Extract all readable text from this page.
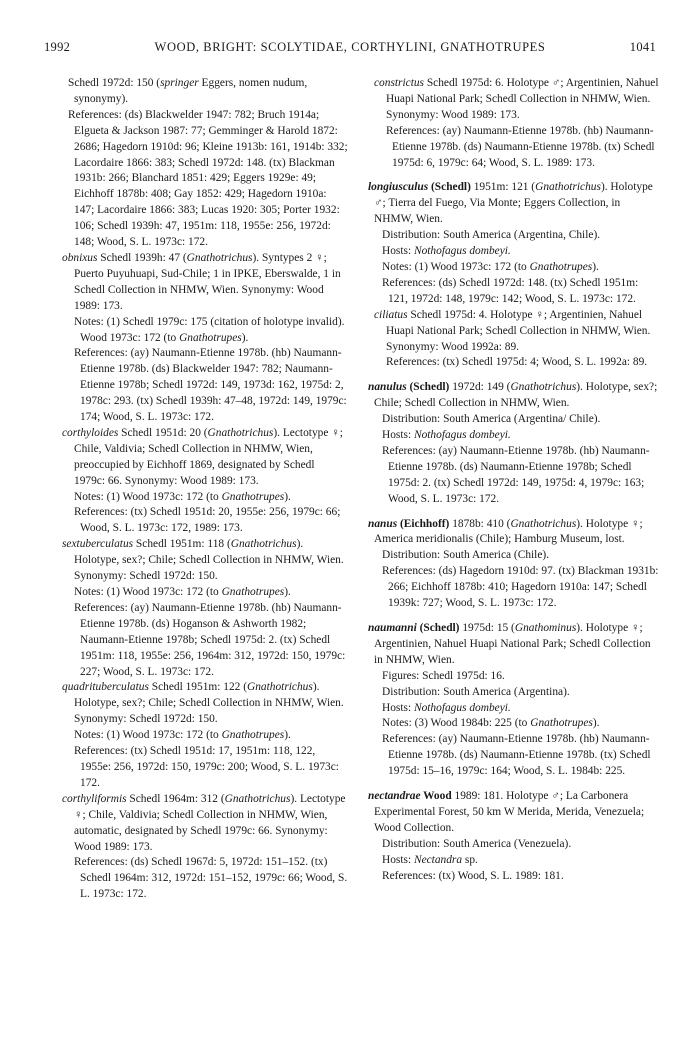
1992	WOOD, BRIGHT: SCOLYTIDAE, CORTHYLINI, GNATHOTRUPES	1041

Schedl 1972d: 150 (springer Eggers, nomen nudum, synonymy).

References: (ds) Blackwelder 1947: 782; Bruch 1914a; Elgueta & Jackson 1987: 77; Gemminger & Harold 1872: 2686; Hagedorn 1910d: 96; Kleine 1913b: 161, 1914b: 332; Lacordaire 1866: 383; Schedl 1972d: 148. (tx) Blackman 1931b: 266; Blanchard 1851: 429; Eggers 1929e: 49; Eichhoff 1878b: 408; Gay 1852: 429; Hagedorn 1910a: 147; Lacordaire 1866: 383; Lucas 1920: 305; Porter 1932: 106; Schedl 1939h: 47, 1951m: 118, 1955e: 256, 1972d: 148; Wood, S. L. 1973c: 172.

obnixus Schedl 1939h: 47 (Gnathotrichus). Syntypes 2 ♀; Puerto Puyuhuapi, Sud-Chile; 1 in IPKE, Eberswalde, 1 in Schedl Collection in NHMW, Wien. Synonymy: Wood 1989: 173.

Notes: (1) Schedl 1979c: 175 (citation of holotype invalid). Wood 1973c: 172 (to Gnathotrupes).

References: (ay) Naumann-Etienne 1978b. (hb) Naumann-Etienne 1978b. (ds) Blackwelder 1947: 782; Naumann-Etienne 1978b; Schedl 1972d: 149, 1973d: 162, 1975d: 2, 1978c: 293. (tx) Schedl 1939h: 47–48, 1972d: 149, 1979c: 174; Wood, S. L. 1973c: 172.

corthyloides Schedl 1951d: 20 (Gnathotrichus). Lectotype ♀; Chile, Valdivia; Schedl Collection in NHMW, Wien, preoccupied by Eichhoff 1869, designated by Schedl 1979c: 66. Synonymy: Wood 1989: 173.

Notes: (1) Wood 1973c: 172 (to Gnathotrupes).

References: (tx) Schedl 1951d: 20, 1955e: 256, 1979c: 66; Wood, S. L. 1973c: 172, 1989: 173.

sextuberculatus Schedl 1951m: 118 (Gnathotrichus). Holotype, sex?; Chile; Schedl Collection in NHMW, Wien. Synonymy: Schedl 1972d: 150.

Notes: (1) Wood 1973c: 172 (to Gnathotrupes).

References: (ay) Naumann-Etienne 1978b. (hb) Naumann-Etienne 1978b. (ds) Hoganson & Ashworth 1982; Naumann-Etienne 1978b; Schedl 1975d: 2. (tx) Schedl 1951m: 118, 1955e: 256, 1964m: 312, 1972d: 150, 1979c: 227; Wood, S. L. 1973c: 172.

quadrituberculatus Schedl 1951m: 122 (Gnathotrichus). Holotype, sex?; Chile; Schedl Collection in NHMW, Wien. Synonymy: Schedl 1972d: 150.

Notes: (1) Wood 1973c: 172 (to Gnathotrupes).

References: (tx) Schedl 1951d: 17, 1951m: 118, 122, 1955e: 256, 1972d: 150, 1979c: 200; Wood, S. L. 1973c: 172.

corthyliformis Schedl 1964m: 312 (Gnathotrichus). Lectotype ♀; Chile, Valdivia; Schedl Collection in NHMW, Wien, automatic, designated by Schedl 1979c: 66. Synonymy: Wood 1989: 173.

References: (ds) Schedl 1967d: 5, 1972d: 151–152. (tx) Schedl 1964m: 312, 1972d: 151–152, 1979c: 66; Wood, S. L. 1973c: 172.

constrictus Schedl 1975d: 6. Holotype ♂; Argentinien, Nahuel Huapi National Park; Schedl Collection in NHMW, Wien. Synonymy: Wood 1989: 173.

References: (ay) Naumann-Etienne 1978b. (hb) Naumann-Etienne 1978b. (ds) Naumann-Etienne 1978b. (tx) Schedl 1975d: 6, 1979c: 64; Wood, S. L. 1989: 173.

longiusculus (Schedl) 1951m: 121 (Gnathotrichus). Holotype ♂; Tierra del Fuego, Via Monte; Eggers Collection, in NHMW, Wien.

Distribution: South America (Argentina, Chile).

Hosts: Nothofagus dombeyi.

Notes: (1) Wood 1973c: 172 (to Gnathotrupes).

References: (ds) Schedl 1972d: 148. (tx) Schedl 1951m: 121, 1972d: 148, 1979c: 142; Wood, S. L. 1973c: 172.

ciliatus Schedl 1975d: 4. Holotype ♀; Argentinien, Nahuel Huapi National Park; Schedl Collection in NHMW, Wien. Synonymy: Wood 1992a: 89.

References: (tx) Schedl 1975d: 4; Wood, S. L. 1992a: 89.

nanulus (Schedl) 1972d: 149 (Gnathotrichus). Holotype, sex?; Chile; Schedl Collection in NHMW, Wien.

Distribution: South America (Argentina/ Chile).

Hosts: Nothofagus dombeyi.

References: (ay) Naumann-Etienne 1978b. (hb) Naumann-Etienne 1978b. (ds) Naumann-Etienne 1978b; Schedl 1975d: 2. (tx) Schedl 1972d: 149, 1975d: 4, 1979c: 163; Wood, S. L. 1973c: 172.

nanus (Eichhoff) 1878b: 410 (Gnathotrichus). Holotype ♀; America meridionalis (Chile); Hamburg Museum, lost.

Distribution: South America (Chile).

References: (ds) Hagedorn 1910d: 97. (tx) Blackman 1931b: 266; Eichhoff 1878b: 410; Hagedorn 1910a: 147; Schedl 1939k: 727; Wood, S. L. 1973c: 172.

naumanni (Schedl) 1975d: 15 (Gnathominus). Holotype ♀; Argentinien, Nahuel Huapi National Park; Schedl Collection in NHMW, Wien.

Figures: Schedl 1975d: 16.

Distribution: South America (Argentina).

Hosts: Nothofagus dombeyi.

Notes: (3) Wood 1984b: 225 (to Gnathotrupes).

References: (ay) Naumann-Etienne 1978b. (hb) Naumann-Etienne 1978b. (ds) Naumann-Etienne 1978b. (tx) Schedl 1975d: 15–16, 1979c: 164; Wood, S. L. 1984b: 225.

nectandrae Wood 1989: 181. Holotype ♂; La Carbonera Experimental Forest, 50 km W Merida, Merida, Venezuela; Wood Collection.

Distribution: South America (Venezuela).

Hosts: Nectandra sp.

References: (tx) Wood, S. L. 1989: 181.
